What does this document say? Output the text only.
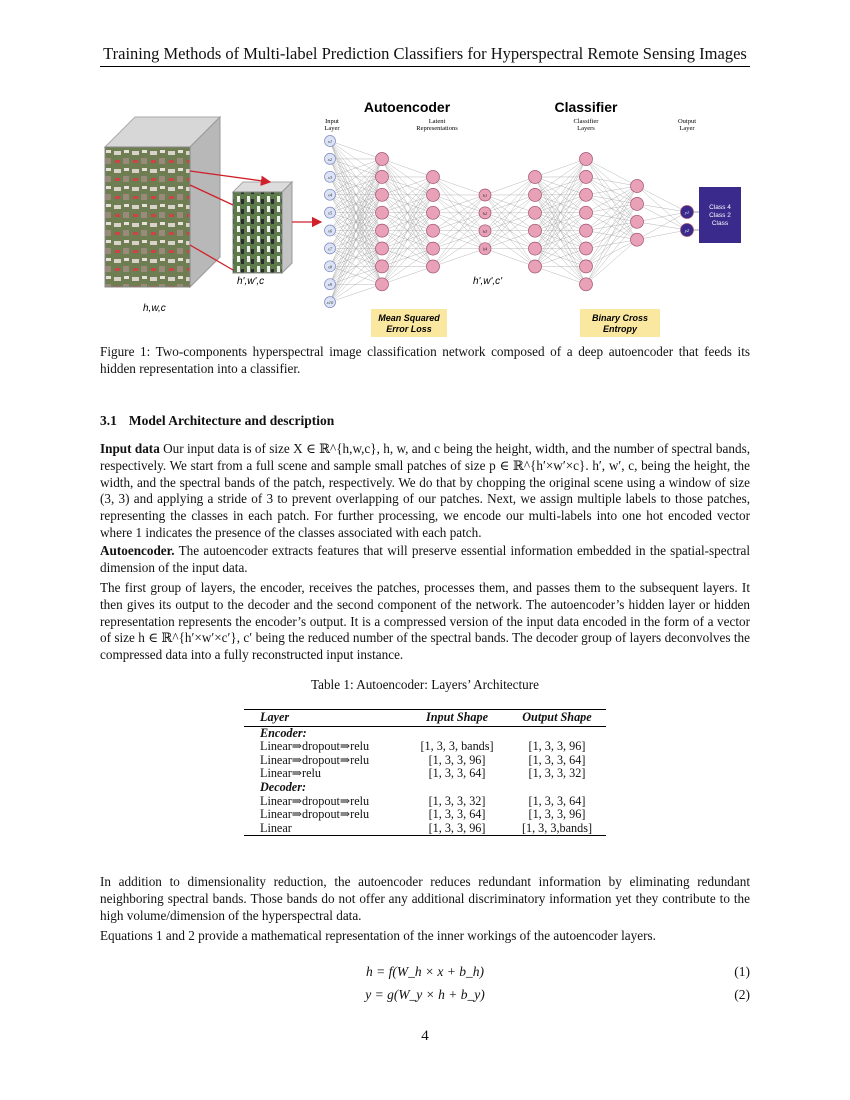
Training Methods of Multi-label Prediction Classifiers for Hyperspectral Remote Sensing Images
h,w,c
h',w',c	h',w',c'
Autoencoder	Classifier
Input
Layer
Latent
Representations
Classifier
Layers
Output
Layer
x1
x2
x3
x4
x5
x6
x7
x8
x9
x10
h1
h2
h3
h4
y1
y2
Class 4
Class 2
Class
Mean Squared
Error Loss
Binary Cross
Entropy
Figure 1: Two-components hyperspectral image classification network composed of a deep autoencoder that feeds its hidden representation into a classifier.
3.1 Model Architecture and description

Input data Our input data is of size X ∈ ℝ^{h,w,c}, h, w, and c being the height, width, and the number of spectral bands, respectively. We start from a full scene and sample small patches of size p ∈ ℝ^{h′×w′×c}. h′, w′, c, being the height, the width, and the spectral bands of the patch, respectively. We do that by chopping the original scene using a window of size (3, 3) and applying a stride of 3 to prevent overlapping of our patches. Next, we assign multiple labels to those patches, representing the classes in each patch. For further processing, we encode our multi-labels into one hot encoded vector where 1 indicates the presence of the classes associated with each patch.

Autoencoder. The autoencoder extracts features that will preserve essential information embedded in the spatial-spectral dimension of the input data.

The first group of layers, the encoder, receives the patches, processes them, and passes them to the subsequent layers. It then gives its output to the decoder and the second component of the network. The autoencoder’s hidden layer or hidden representation represents the encoder’s output. It is a compressed version of the input data encoded in the form of a vector of size h ∈ ℝ^{h′×w′×c′}, c′ being the reduced number of the spectral bands. The decoder group of layers deconvolves the compressed data into a fully reconstructed input instance.

Table 1: Autoencoder: Layers’ Architecture
Layer	Input Shape	Output Shape
Encoder:		
Linear⇒dropout⇒relu	[1, 3, 3, bands]	[1, 3, 3, 96]
Linear⇒dropout⇒relu	[1, 3, 3, 96]	[1, 3, 3, 64]
Linear⇒relu	[1, 3, 3, 64]	[1, 3, 3, 32]
Decoder:		
Linear⇒dropout⇒relu	[1, 3, 3, 32]	[1, 3, 3, 64]
Linear⇒dropout⇒relu	[1, 3, 3, 64]	[1, 3, 3, 96]
Linear	[1, 3, 3, 96]	[1, 3, 3,bands]

In addition to dimensionality reduction, the autoencoder reduces redundant information by eliminating redundant neighboring spectral bands. Those bands do not offer any additional discriminatory information yet they contribute to the high volume/dimension of the hyperspectral data.

Equations 1 and 2 provide a mathematical representation of the inner workings of the autoencoder layers.

h = f(W_h × x + b_h)	(1)
y = g(W_y × h + b_y)	(2)
4
